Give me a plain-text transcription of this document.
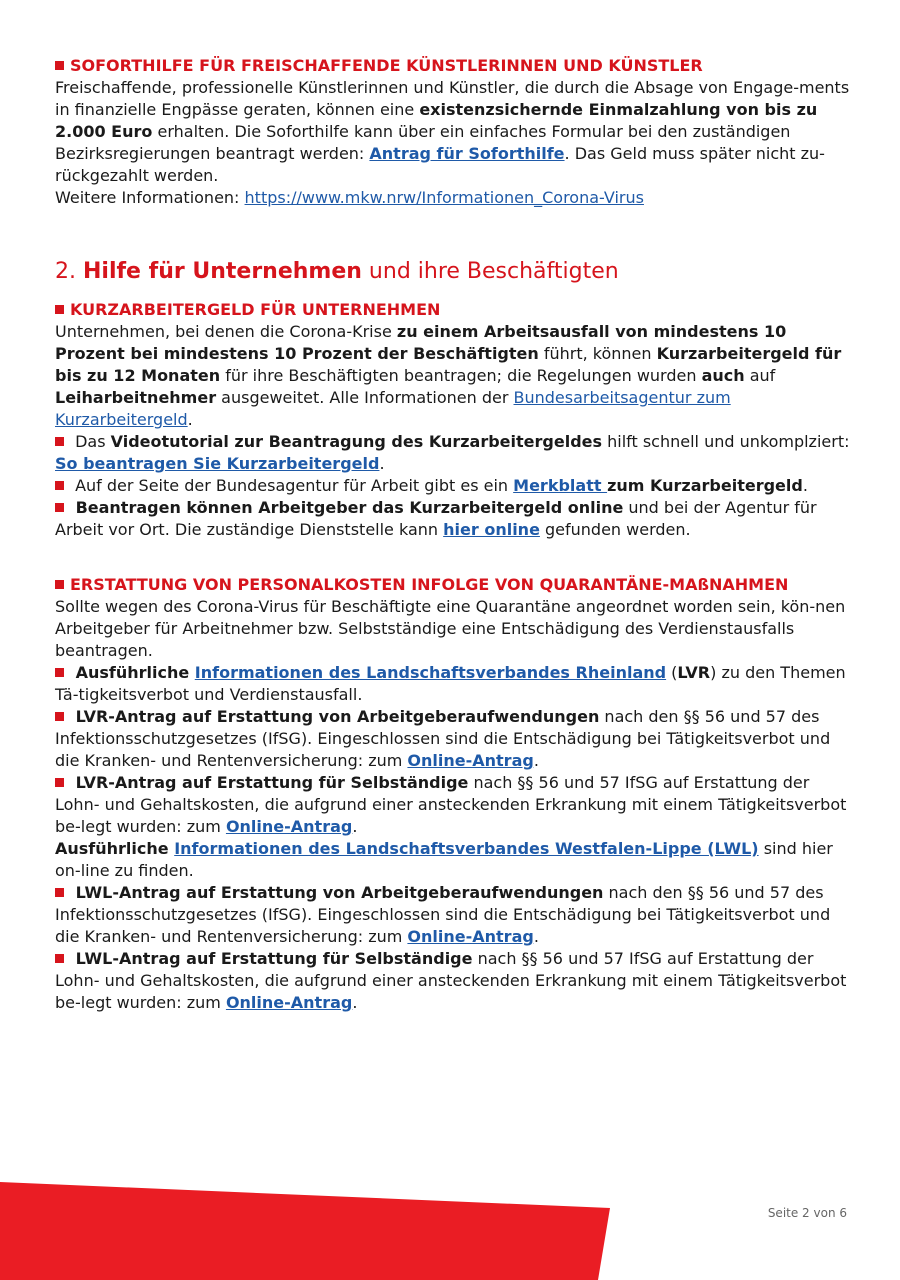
SOFORTHILFE FÜR FREISCHAFFENDE KÜNSTLERINNEN UND KÜNSTLER

Freischaffende, professionelle Künstlerinnen und Künstler, die durch die Absage von Engage-ments in finanzielle Engpässe geraten, können eine existenzsichernde Einmalzahlung von bis zu 2.000 Euro erhalten. Die Soforthilfe kann über ein einfaches Formular bei den zuständigen Bezirksregierungen beantragt werden: Antrag für Soforthilfe. Das Geld muss später nicht zu-rückgezahlt werden.

Weitere Informationen: https://www.mkw.nrw/Informationen_Corona-Virus

2. Hilfe für Unternehmen und ihre Beschäftigten
KURZARBEITERGELD FÜR UNTERNEHMEN

Unternehmen, bei denen die Corona-Krise zu einem Arbeitsausfall von mindestens 10 Prozent bei mindestens 10 Prozent der Beschäftigten führt, können Kurzarbeitergeld für bis zu 12 Monaten für ihre Beschäftigten beantragen; die Regelungen wurden auch auf Leiharbeitnehmer ausgeweitet. Alle Informationen der Bundesarbeitsagentur zum Kurzarbeitergeld.

Das Videotutorial zur Beantragung des Kurzarbeitergeldes hilft schnell und unkomplziert: So beantragen Sie Kurzarbeitergeld.

Auf der Seite der Bundesagentur für Arbeit gibt es ein Merkblatt zum Kurzarbeitergeld.

Beantragen können Arbeitgeber das Kurzarbeitergeld online und bei der Agentur für Arbeit vor Ort. Die zuständige Dienststelle kann hier online gefunden werden.

ERSTATTUNG VON PERSONALKOSTEN INFOLGE VON QUARANTÄNE-MAßNAHMEN

Sollte wegen des Corona-Virus für Beschäftigte eine Quarantäne angeordnet worden sein, kön-nen Arbeitgeber für Arbeitnehmer bzw. Selbstständige eine Entschädigung des Verdienstausfalls beantragen.

Ausführliche Informationen des Landschaftsverbandes Rheinland (LVR) zu den Themen Tä-tigkeitsverbot und Verdienstausfall.

LVR-Antrag auf Erstattung von Arbeitgeberaufwendungen nach den §§ 56 und 57 des Infektionsschutzgesetzes (IfSG). Eingeschlossen sind die Entschädigung bei Tätigkeitsverbot und die Kranken- und Rentenversicherung: zum Online-Antrag.

LVR-Antrag auf Erstattung für Selbständige nach §§ 56 und 57 IfSG auf Erstattung der Lohn- und Gehaltskosten, die aufgrund einer ansteckenden Erkrankung mit einem Tätigkeitsverbot be-legt wurden: zum Online-Antrag.

Ausführliche Informationen des Landschaftsverbandes Westfalen-Lippe (LWL) sind hier on-line zu finden.

LWL-Antrag auf Erstattung von Arbeitgeberaufwendungen nach den §§ 56 und 57 des Infektionsschutzgesetzes (IfSG). Eingeschlossen sind die Entschädigung bei Tätigkeitsverbot und die Kranken- und Rentenversicherung: zum Online-Antrag.

LWL-Antrag auf Erstattung für Selbständige nach §§ 56 und 57 IfSG auf Erstattung der Lohn- und Gehaltskosten, die aufgrund einer ansteckenden Erkrankung mit einem Tätigkeitsverbot be-legt wurden: zum Online-Antrag.

Seite 2 von 6
